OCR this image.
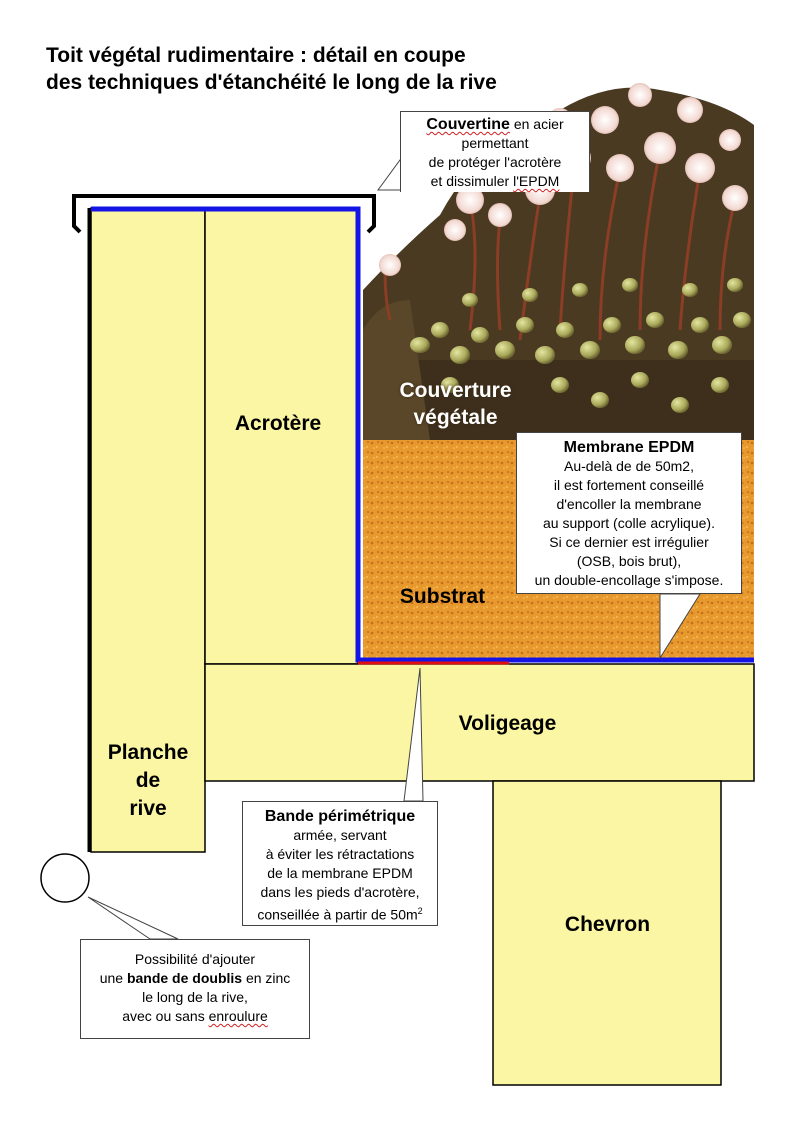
Toit végétal rudimentaire : détail en coupe
des techniques d'étanchéité le long de la rive
Acrotère
Couverture
végétale
Substrat
Voligeage
Planche
de
rive
Chevron
Couvertine en acier
permettant
de protéger l'acrotère
et dissimuler l'EPDM
Membrane EPDM
Au-delà de de 50m2,
il est fortement conseillé
d'encoller la membrane
au support (colle acrylique).
Si ce dernier est irrégulier
(OSB, bois brut),
un double-encollage s'impose.
Bande périmétrique
armée, servant
à éviter les rétractations
de la membrane EPDM
dans les pieds d'acrotère,
conseillée à partir de $50m^2$
Possibilité d'ajouter
une bande de doublis en zinc
le long de la rive,
avec ou sans enroulure
